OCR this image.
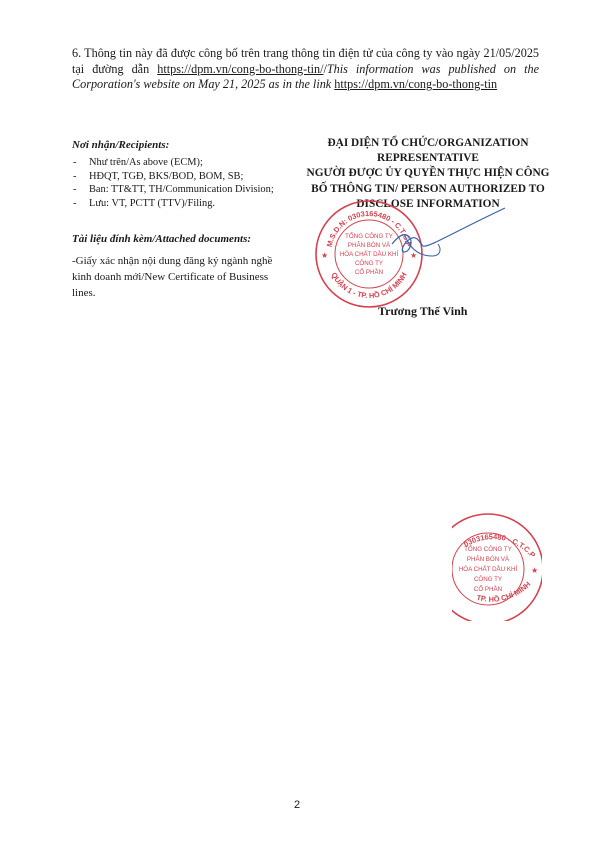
6. Thông tin này đã được công bố trên trang thông tin điện tử của công ty vào ngày 21/05/2025 tại đường dẫn https://dpm.vn/cong-bo-thong-tin//This information was published on the Corporation's website on May 21, 2025 as in the link https://dpm.vn/cong-bo-thong-tin
Nơi nhận/Recipients:
- Như trên/As above (ECM);
- HĐQT, TGĐ, BKS/BOD, BOM, SB;
- Ban: TT&TT, TH/Communication Division;
- Lưu: VT, PCTT (TTV)/Filing.
Tài liệu đính kèm/Attached documents:
-Giấy xác nhận nội dung đăng ký ngành nghề kinh doanh mới/New Certificate of Business lines.
ĐẠI DIỆN TỔ CHỨC/ORGANIZATION REPRESENTATIVE
NGƯỜI ĐƯỢC ỦY QUYỀN THỰC HIỆN CÔNG BỐ THÔNG TIN/ PERSON AUTHORIZED TO DISCLOSE INFORMATION
M.S.D.N: 0303165480 - C.T.C.P
QUẬN 1 - TP. HỒ CHÍ MINH
★	★
TỔNG CÔNG TY
PHÂN BÓN VÀ
HÓA CHẤT DẦU KHÍ
CÔNG TY
CỔ PHẦN
Trương Thế Vinh
0303165480 - C.T.C.P
TP. HỒ CHÍ MINH
TỔNG CÔNG TY
PHÂN BÓN VÀ
HÓA CHẤT DẦU KHÍ
CÔNG TY
CỔ PHẦN
★
2
